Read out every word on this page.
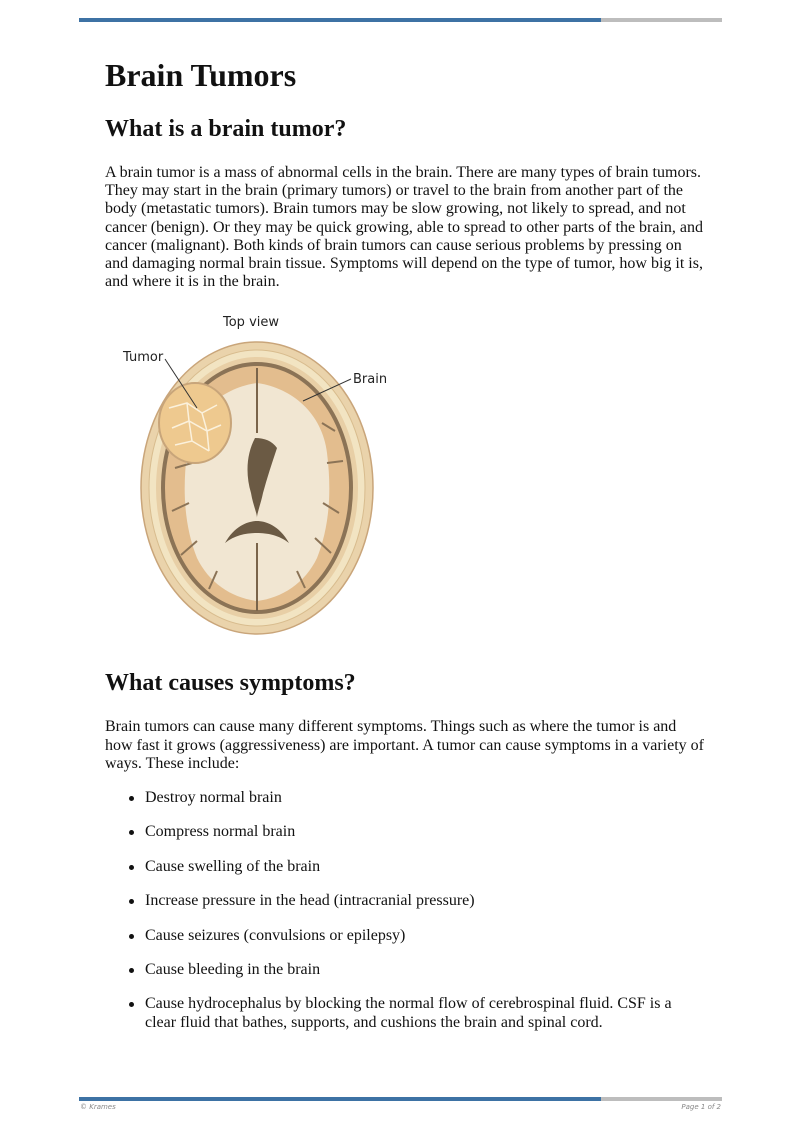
Brain Tumors
What is a brain tumor?

A brain tumor is a mass of abnormal cells in the brain. There are many types of brain tumors. They may start in the brain (primary tumors) or travel to the brain from another part of the body (metastatic tumors). Brain tumors may be slow growing, not likely to spread, and not cancer (benign). Or they may be quick growing, able to spread to other parts of the brain, and cancer (malignant). Both kinds of brain tumors can cause serious problems by pressing on and damaging normal brain tissue. Symptoms will depend on the type of tumor, how big it is, and where it is in the brain.

Top view
Tumor
Brain
What causes symptoms?

Brain tumors can cause many different symptoms. Things such as where the tumor is and how fast it grows (aggressiveness) are important. A tumor can cause symptoms in a variety of ways. These include:

Destroy normal brain
Compress normal brain
Cause swelling of the brain
Increase pressure in the head (intracranial pressure)
Cause seizures (convulsions or epilepsy)
Cause bleeding in the brain
Cause hydrocephalus by blocking the normal flow of cerebrospinal fluid. CSF is a clear fluid that bathes, supports, and cushions the brain and spinal cord.
© Krames	Page 1 of 2
